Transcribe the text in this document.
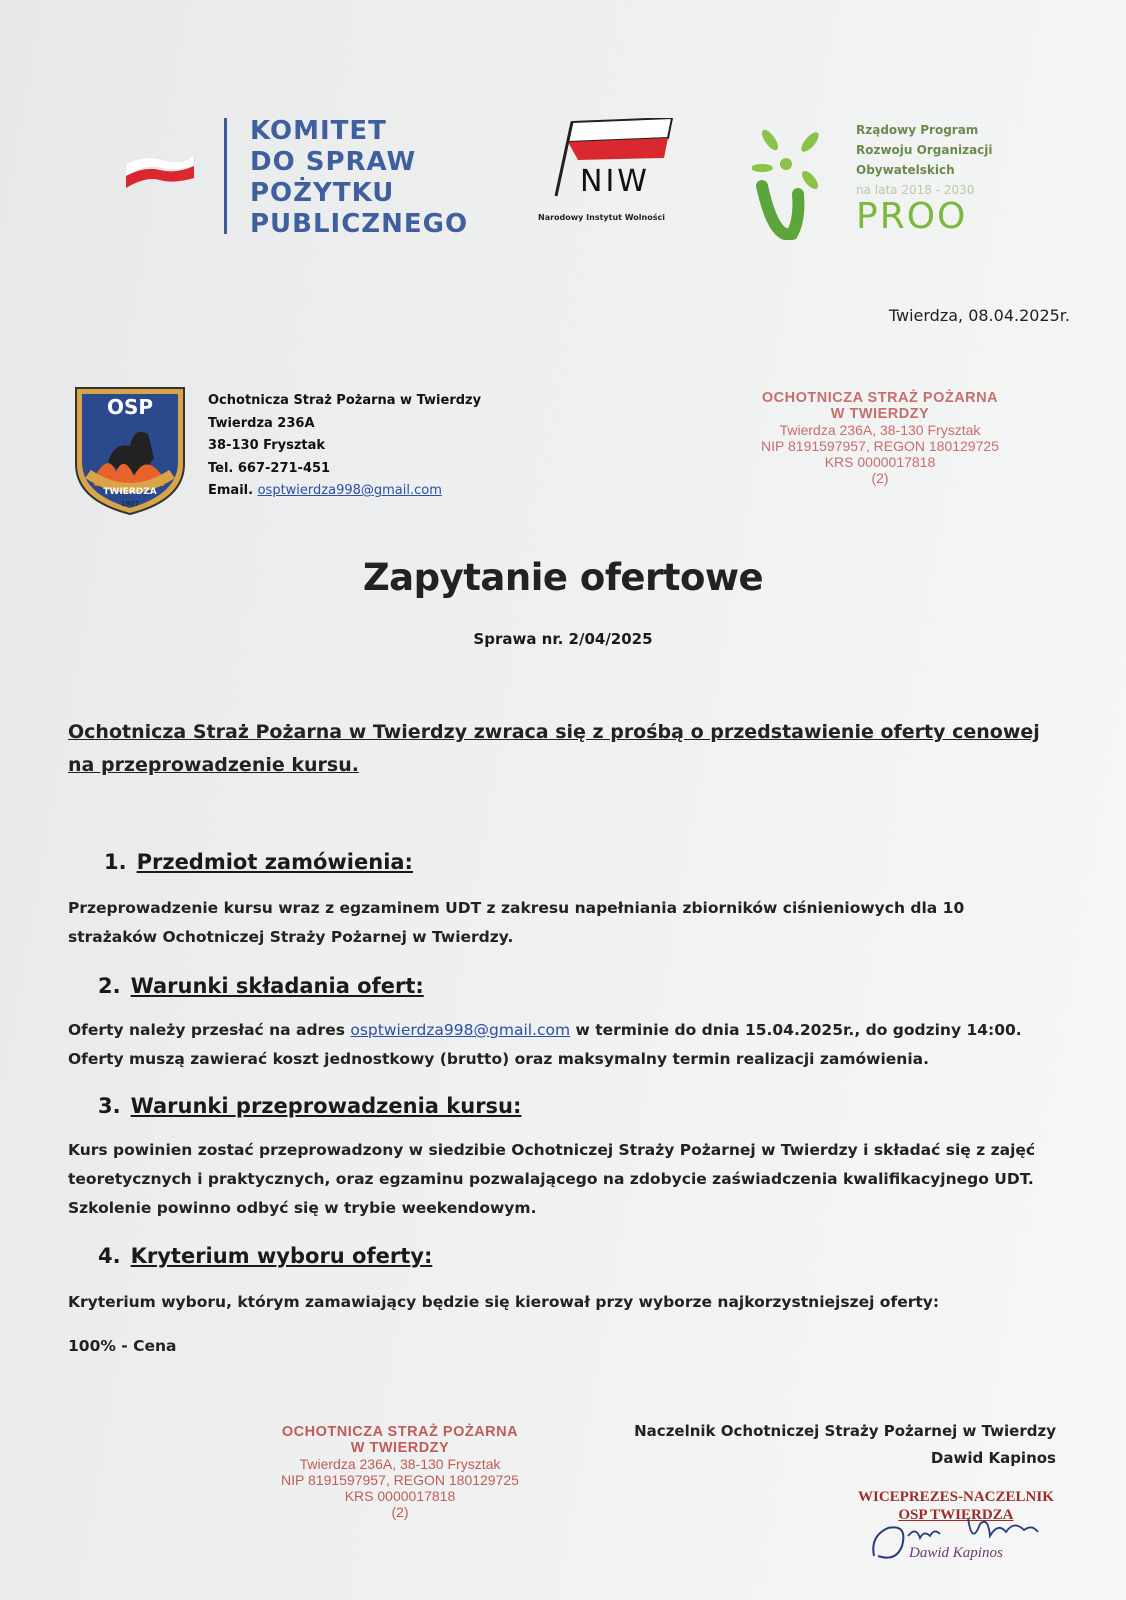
KOMITET
DO SPRAW
POŻYTKU
PUBLICZNEGO
NIW
Narodowy Instytut Wolności
Rządowy Program
Rozwoju Organizacji
Obywatelskich
na lata 2018 - 2030
PROO
Twierdza, 08.04.2025r.
OSP
TWIERDZA
1907
Ochotnicza Straż Pożarna w Twierdzy
Twierdza 236A
38-130 Frysztak
Tel. 667-271-451
Email. osptwierdza998@gmail.com
OCHOTNICZA STRAŻ POŻARNA
W TWIERDZY
Twierdza 236A, 38-130 Frysztak
NIP 8191597957, REGON 180129725
KRS 0000017818
(2)
Zapytanie ofertowe
Sprawa nr. 2/04/2025
Ochotnicza Straż Pożarna w Twierdzy zwraca się z prośbą o przedstawienie oferty cenowej na przeprowadzenie kursu.
1. Przedmiot zamówienia:
Przeprowadzenie kursu wraz z egzaminem UDT z zakresu napełniania zbiorników ciśnieniowych dla 10 strażaków Ochotniczej Straży Pożarnej w Twierdzy.
2. Warunki składania ofert:
Oferty należy przesłać na adres osptwierdza998@gmail.com w terminie do dnia 15.04.2025r., do godziny 14:00.
Oferty muszą zawierać koszt jednostkowy (brutto) oraz maksymalny termin realizacji zamówienia.
3. Warunki przeprowadzenia kursu:
Kurs powinien zostać przeprowadzony w siedzibie Ochotniczej Straży Pożarnej w Twierdzy i składać się z zajęć teoretycznych i praktycznych, oraz egzaminu pozwalającego na zdobycie zaświadczenia kwalifikacyjnego UDT. Szkolenie powinno odbyć się w trybie weekendowym.
4. Kryterium wyboru oferty:
Kryterium wyboru, którym zamawiający będzie się kierował przy wyborze najkorzystniejszej oferty:
100% - Cena
OCHOTNICZA STRAŻ POŻARNA
W TWIERDZY
Twierdza 236A, 38-130 Frysztak
NIP 8191597957, REGON 180129725
KRS 0000017818
(2)
Naczelnik Ochotniczej Straży Pożarnej w Twierdzy
Dawid Kapinos
WICEPREZES-NACZELNIK
OSP TWIERDZA
Dawid Kapinos
